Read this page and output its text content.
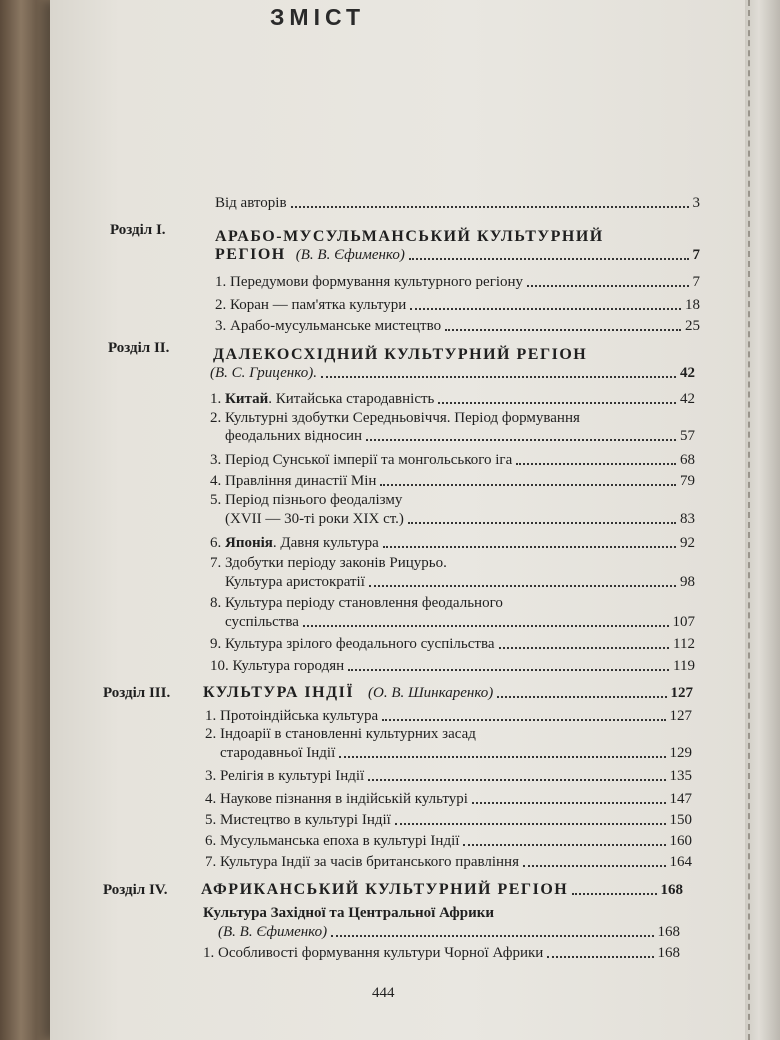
ЗМІСТ
Від авторів	3
Розділ І.	АРАБО-МУСУЛЬМАНСЬКИЙ КУЛЬТУРНИЙ
РЕГІОН (В. В. Єфименко)	7
1. Передумови формування культурного регіону	7
2. Коран — пам'ятка культури	18
3. Арабо-мусульманське мистецтво	25
Розділ II.	ДАЛЕКОСХІДНИЙ КУЛЬТУРНИЙ РЕГІОН
(В. С. Гриценко).	42
1. Китай. Китайська стародавність	42
2. Культурні здобутки Середньовіччя. Період формування
феодальних відносин	57
3. Період Сунської імперії та монгольського іга	68
4. Правління династії Мін	79
5. Період пізнього феодалізму
(XVII — 30-ті роки XIX ст.)	83
6. Японія. Давня культура	92
7. Здобутки періоду законів Рицурьо.
Культура аристократії	98
8. Культура періоду становлення феодального
суспільства	107
9. Культура зрілого феодального суспільства	112
10. Культура городян	119
Розділ III.	КУЛЬТУРА ІНДІЇ (О. В. Шинкаренко)	127
1. Протоіндійська культура	127
2. Індоарії в становленні культурних засад
стародавньої Індії	129
3. Релігія в культурі Індії	135
4. Наукове пізнання в індійській культурі	147
5. Мистецтво в культурі Індії	150
6. Мусульманська епоха в культурі Індії	160
7. Культура Індії за часів британського правління	164
Розділ IV.	АФРИКАНСЬКИЙ КУЛЬТУРНИЙ РЕГІОН	168
Культура Західної та Центральної Африки
(В. В. Єфименко)	168
1. Особливості формування культури Чорної Африки	168
444
